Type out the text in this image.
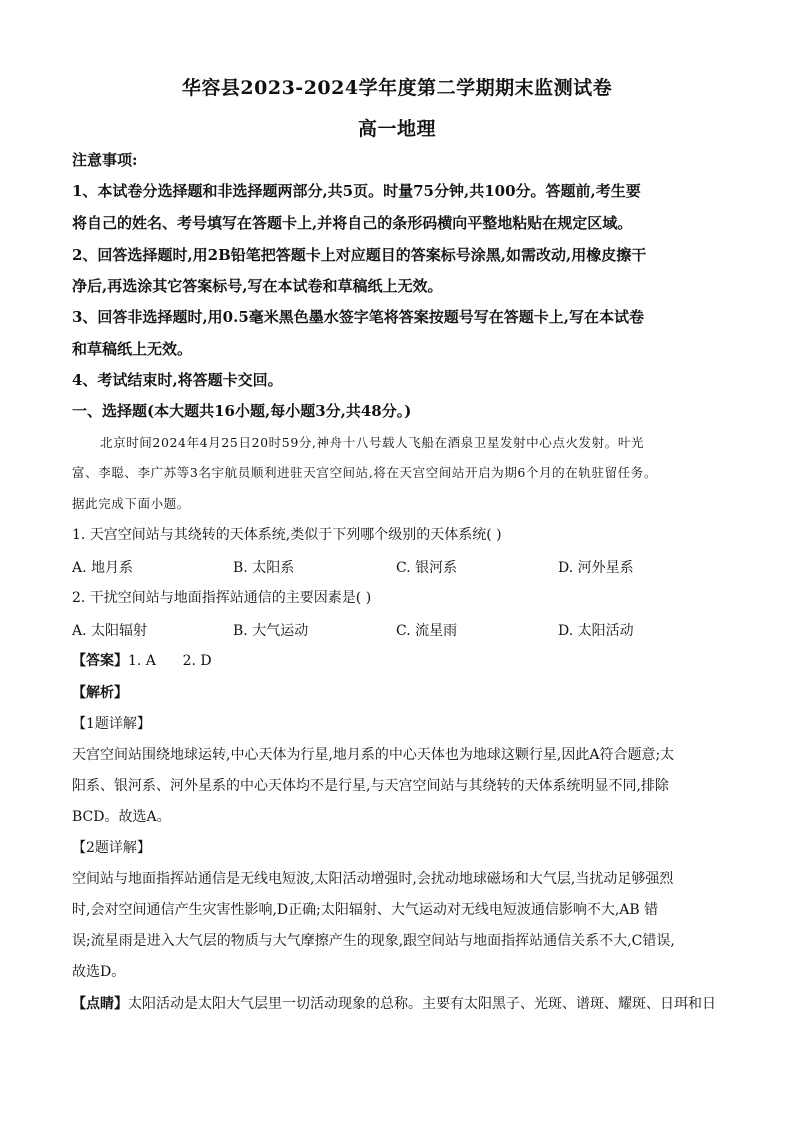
华容县2023-2024学年度第二学期期末监测试卷
高一地理
注意事项:
1、本试卷分选择题和非选择题两部分,共5页。时量75分钟,共100分。答题前,考生要
将自己的姓名、考号填写在答题卡上,并将自己的条形码横向平整地粘贴在规定区域。
2、回答选择题时,用2B铅笔把答题卡上对应题目的答案标号涂黑,如需改动,用橡皮擦干
净后,再选涂其它答案标号,写在本试卷和草稿纸上无效。
3、回答非选择题时,用0.5毫米黑色墨水签字笔将答案按题号写在答题卡上,写在本试卷
和草稿纸上无效。
4、考试结束时,将答题卡交回。
一、选择题(本大题共16小题,每小题3分,共48分。)
北京时间2024年4月25日20时59分,神舟十八号载人飞船在酒泉卫星发射中心点火发射。叶光
富、李聪、李广苏等3名宇航员顺利进驻天宫空间站,将在天宫空间站开启为期6个月的在轨驻留任务。
据此完成下面小题。
1. 天宫空间站与其绕转的天体系统,类似于下列哪个级别的天体系统( )
A. 地月系	B. 太阳系	C. 银河系	D. 河外星系
2. 干扰空间站与地面指挥站通信的主要因素是( )
A. 太阳辐射	B. 大气运动	C. 流星雨	D. 太阳活动
【答案】1. A      2. D
【解析】
【1题详解】
天宫空间站围绕地球运转,中心天体为行星,地月系的中心天体也为地球这颗行星,因此A符合题意;太
阳系、银河系、河外星系的中心天体均不是行星,与天宫空间站与其绕转的天体系统明显不同,排除
BCD。故选A。
【2题详解】
空间站与地面指挥站通信是无线电短波,太阳活动增强时,会扰动地球磁场和大气层,当扰动足够强烈
时,会对空间通信产生灾害性影响,D正确;太阳辐射、大气运动对无线电短波通信影响不大,AB 错
误;流星雨是进入大气层的物质与大气摩擦产生的现象,跟空间站与地面指挥站通信关系不大,C错误,
故选D。
【点睛】太阳活动是太阳大气层里一切活动现象的总称。主要有太阳黑子、光斑、谱斑、耀斑、日珥和日
